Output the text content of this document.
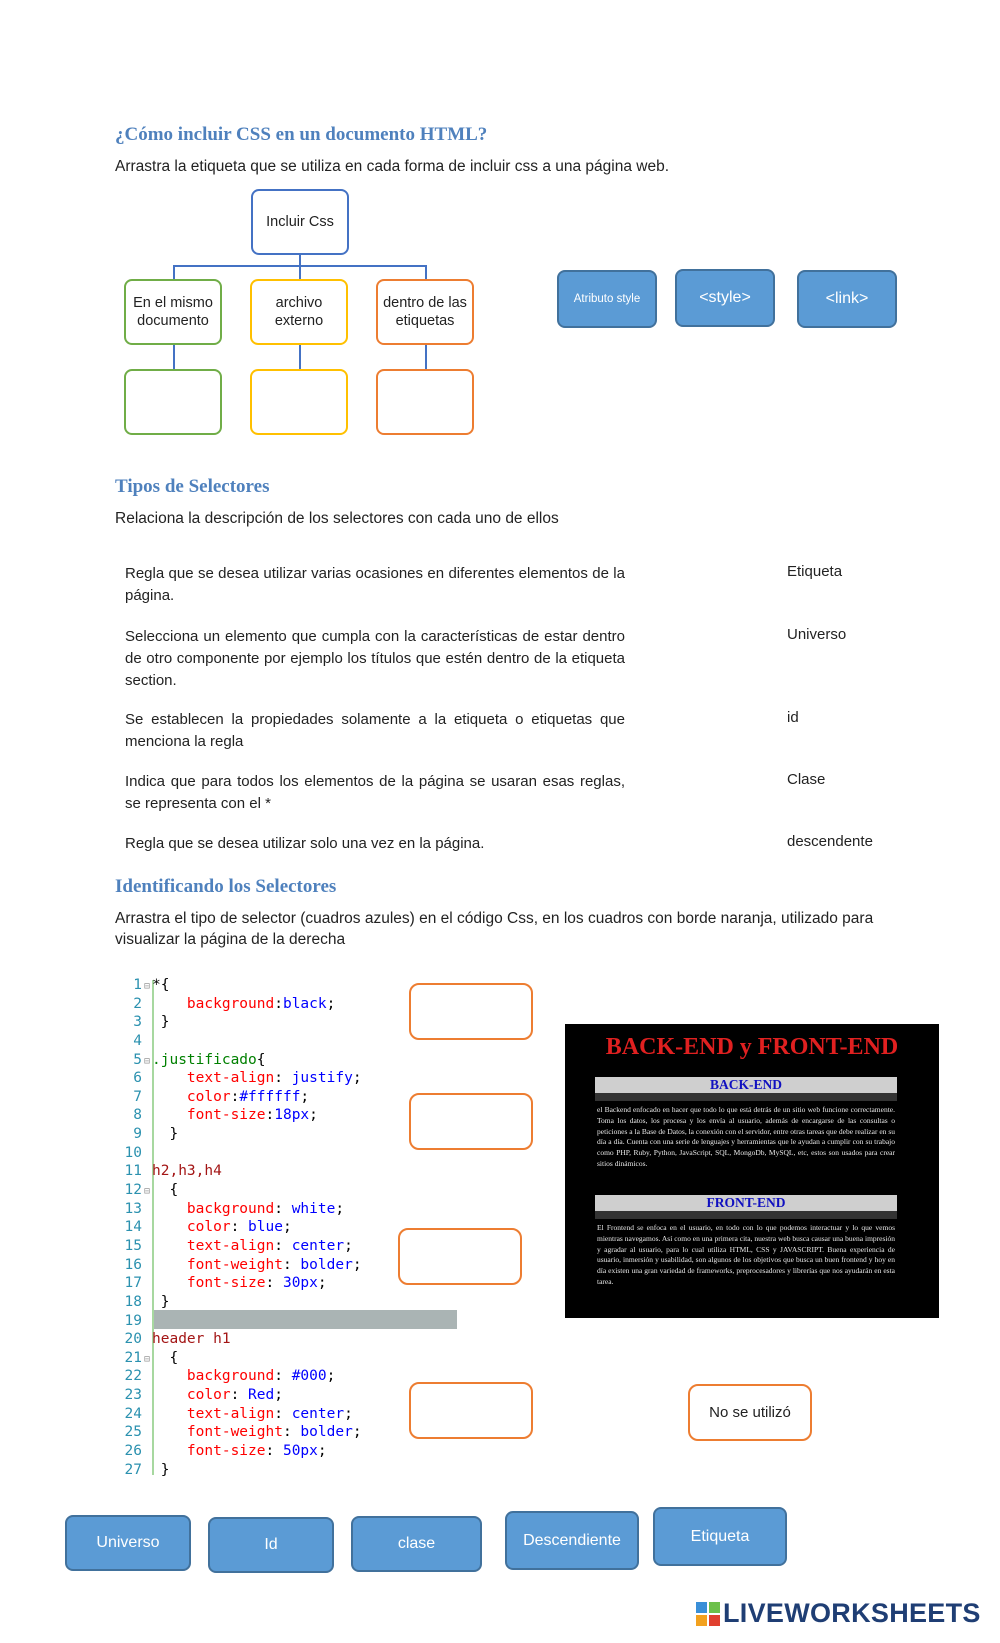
¿Cómo incluir CSS en un documento HTML?
Arrastra la etiqueta que se utiliza en cada forma de incluir css a una página web.
Incluir Css
En el mismo documento
archivo externo
dentro de las etiquetas
Atributo style	<style>	<link>
Tipos de Selectores
Relaciona la descripción de los selectores con cada uno de ellos
Regla que se desea utilizar varias ocasiones en diferentes elementos de la página.
Selecciona un elemento que cumpla con la características de estar dentro de otro componente por ejemplo los títulos que estén dentro de la etiqueta section.
Se establecen la propiedades solamente a la etiqueta o etiquetas que menciona la regla
Indica que para todos los elementos de la página se usaran esas reglas, se representa con el *
Regla que se desea utilizar solo una vez en la página.
Etiqueta
Universo
id
Clase
descendente
Identificando los Selectores
Arrastra el tipo de selector (cuadros azules) en el código Css, en los cuadros con borde naranja, utilizado para visualizar la página de la derecha
1 ⊟ *{
2	background:black;
3 }
4
5 ⊟ .justificado{
6	text-align: justify;
7	color:#ffffff;
8	font-size:18px;
9  }
10
11 h2,h3,h4
12 ⊟  {
13	background: white;
14	color: blue;
15	text-align: center;
16	font-weight: bolder;
17	font-size: 30px;
18 }
19
20 header h1
21 ⊟  {
22	background: #000;
23	color: Red;
24	text-align: center;
25	font-weight: bolder;
26	font-size: 50px;
27 }
No se utilizó
BACK-END y FRONT-END
BACK-END
el Backend enfocado en hacer que todo lo que está detrás de un sitio web funcione correctamente. Toma los datos, los procesa y los envía al usuario, además de encargarse de las consultas o peticiones a la Base de Datos, la conexión con el servidor, entre otras tareas que debe realizar en su día a día. Cuenta con una serie de lenguajes y herramientas que le ayudan a cumplir con su trabajo como PHP, Ruby, Python, JavaScript, SQL, MongoDb, MySQL, etc, estos son usados para crear sitios dinámicos.
FRONT-END
El Frontend se enfoca en el usuario, en todo con lo que podemos interactuar y lo que vemos mientras navegamos. Así como en una primera cita, nuestra web busca causar una buena impresión y agradar al usuario, para lo cual utiliza HTML, CSS y JAVASCRIPT. Buena experiencia de usuario, inmersión y usabilidad, son algunos de los objetivos que busca un buen frontend y hoy en día existen una gran variedad de frameworks, preprocesadores y librerías que nos ayudarán en esta tarea.
Universo	Id	clase	Descendiente	Etiqueta
LIVEWORKSHEETS
